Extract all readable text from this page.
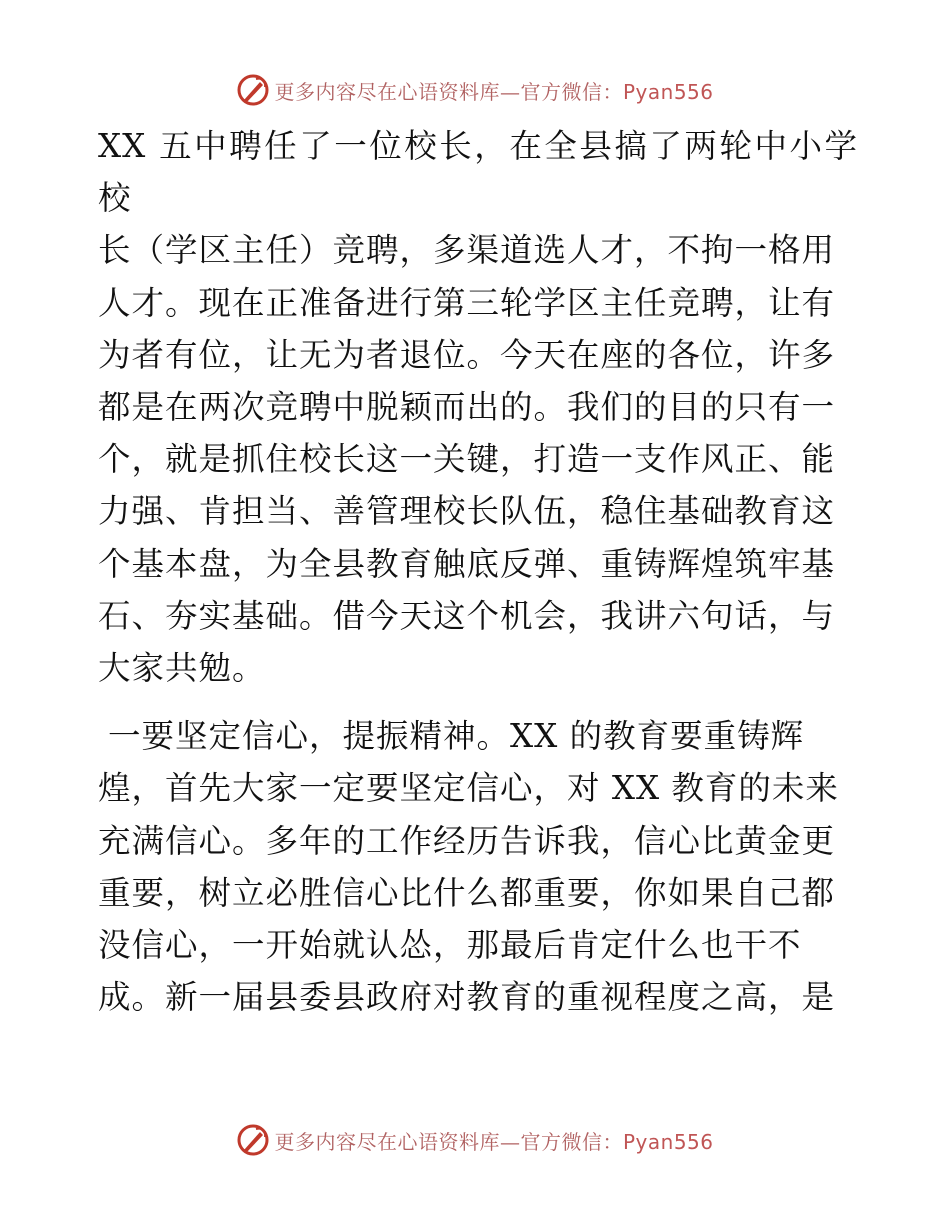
更多内容尽在心语资料库—官方微信：Pyan556

XX 五中聘任了一位校长，在全县搞了两轮中小学校
长（学区主任）竞聘，多渠道选人才，不拘一格用
人才。现在正准备进行第三轮学区主任竞聘，让有
为者有位，让无为者退位。今天在座的各位，许多
都是在两次竞聘中脱颖而出的。我们的目的只有一
个，就是抓住校长这一关键，打造一支作风正、能
力强、肯担当、善管理校长队伍，稳住基础教育这
个基本盘，为全县教育触底反弹、重铸辉煌筑牢基
石、夯实基础。借今天这个机会，我讲六句话，与
大家共勉。

一要坚定信心，提振精神。XX 的教育要重铸辉
煌，首先大家一定要坚定信心，对 XX 教育的未来
充满信心。多年的工作经历告诉我，信心比黄金更
重要，树立必胜信心比什么都重要，你如果自己都
没信心，一开始就认怂，那最后肯定什么也干不
成。新一届县委县政府对教育的重视程度之高，是

更多内容尽在心语资料库—官方微信：Pyan556
